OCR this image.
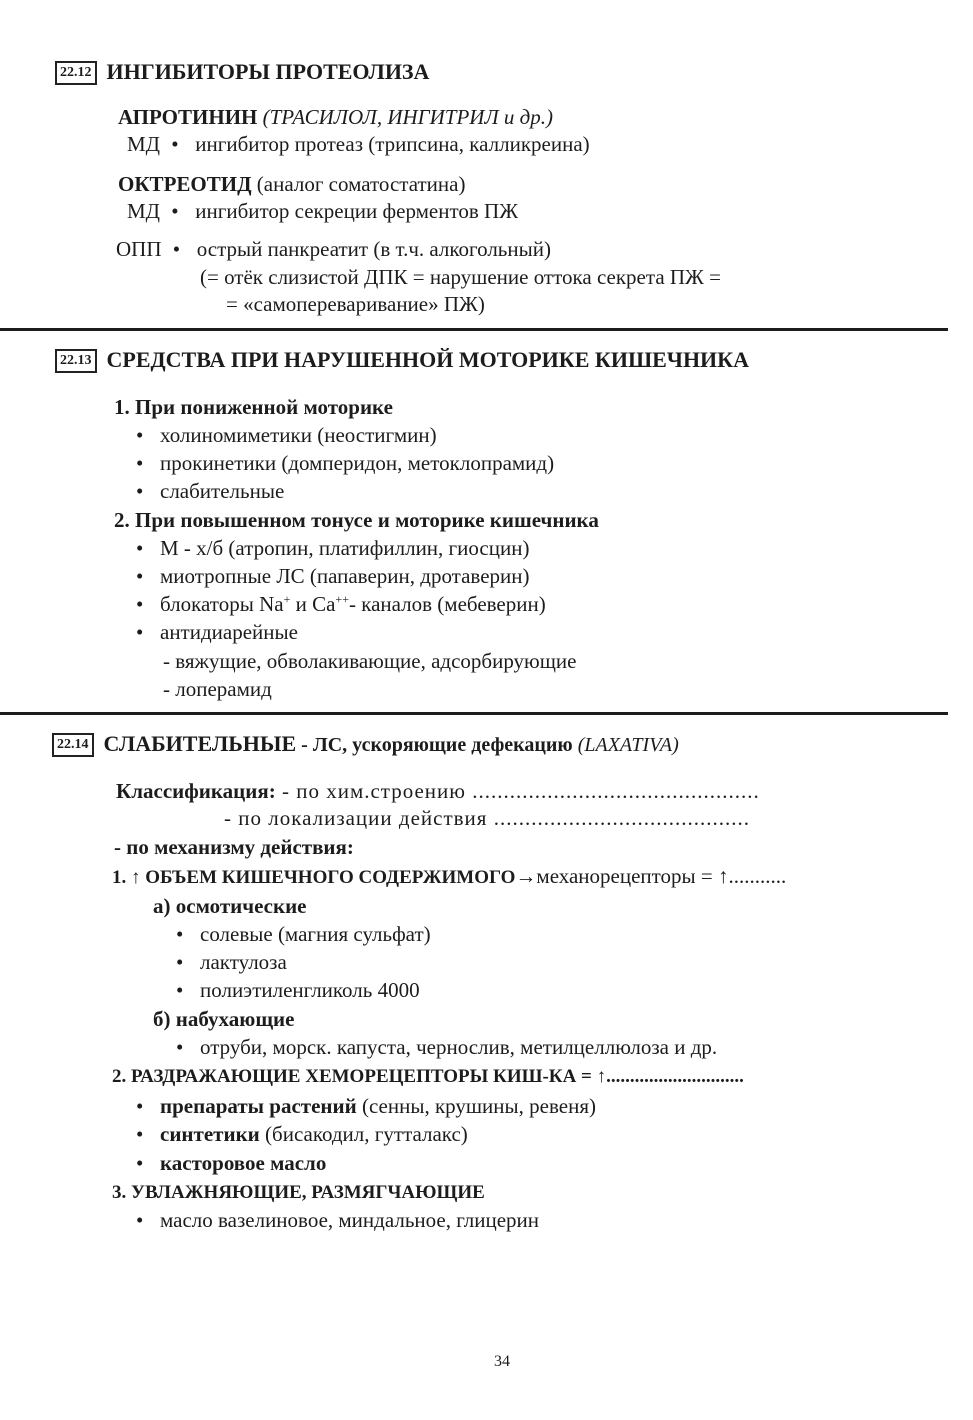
22.12 ИНГИБИТОРЫ ПРОТЕОЛИЗА
АПРОТИНИН (ТРАСИЛОЛ, ИНГИТРИЛ и др.)
МД • ингибитор протеаз (трипсина, калликреина)
ОКТРЕОТИД (аналог соматостатина)
МД • ингибитор секреции ферментов ПЖ
ОПП • острый панкреатит (в т.ч. алкогольный)
(= отёк слизистой ДПК = нарушение оттока секрета ПЖ =
= «самопереваривание» ПЖ)
22.13 СРЕДСТВА ПРИ НАРУШЕННОЙ МОТОРИКЕ КИШЕЧНИКА
1. При пониженной моторике
• холиномиметики (неостигмин)
• прокинетики (домперидон, метоклопрамид)
• слабительные
2. При повышенном тонусе и моторике кишечника
• М - х/б (атропин, платифиллин, гиосцин)
• миотропные ЛС (папаверин, дротаверин)
• блокаторы Na+ и Ca++- каналов (мебеверин)
• антидиарейные
- вяжущие, обволакивающие, адсорбирующие
- лоперамид
22.14 СЛАБИТЕЛЬНЫЕ - ЛС, ускоряющие дефекацию (LAXATIVA)
Классификация: - по хим.строению ..............................................
- по локализации действия .........................................
- по механизму действия:
1. ↑ ОБЪЕМ КИШЕЧНОГО СОДЕРЖИМОГО→механорецепторы = ↑...........
а) осмотические
• солевые (магния сульфат)
• лактулоза
• полиэтиленгликоль 4000
б) набухающие
• отруби, морск. капуста, чернослив, метилцеллюлоза и др.
2. РАЗДРАЖАЮЩИЕ ХЕМОРЕЦЕПТОРЫ КИШ-КА = ↑.............................
• препараты растений (сенны, крушины, ревеня)
• синтетики (бисакодил, гутталакс)
• касторовое масло
3. УВЛАЖНЯЮЩИЕ, РАЗМЯГЧАЮЩИЕ
• масло вазелиновое, миндальное, глицерин
34
